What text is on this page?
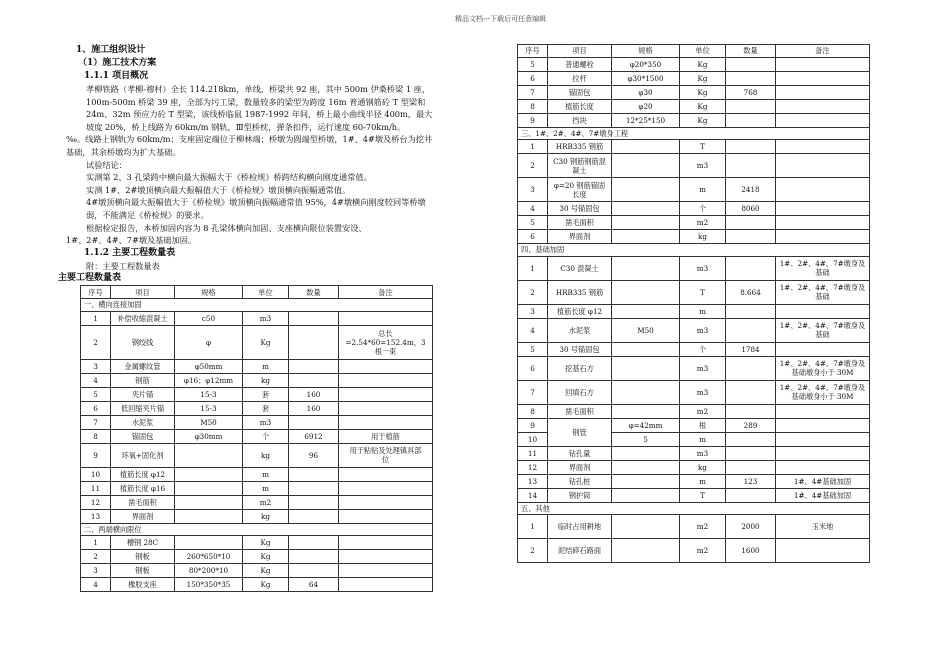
精品文档---下载后可任意编辑
1、施工组织设计
（1）施工技术方案
1.1.1 项目概况

孝柳铁路（孝柳-穆村）全长 114.218km，单线，桥梁共 92 座，其中 500m 伊桑桥梁 1 座，100m-500m 桥梁 39 座，全部为圬工梁，数量较多的梁型为跨度 16m 普通钢筋砼 T 型梁和 24m、32m 预应力砼 T 型梁，该线桥临鼠 1987-1992 年间，桥上最小曲线半径 400m，最大坡度 20%，桥上线路为 60km/m 钢轨，Ⅲ型桥枕，弹条扣件，运行速度 60-70km/h。

‰。线路上钢轨为 60km/m；支座固定端位于柳林端；桥墩为圆端型桥墩，1#、4#墩及桥台为挖井基础，其余桥墩均为扩大基础。

试验结论：

实测第 2、3 孔梁跨中横向最大振幅大于《桥检规》桥跨结构横向刚度通常值。

实测 1#、2#墩顶横向最大振幅值大于《桥检规》墩顶横向振幅通常值。

4#墩顶横向最大振幅值大于《桥检规》墩顶横向振幅通常值 95%，4#墩横向刚度较同等桥墩弱，不能满足《桥检规》的要求。

根据检定报告，本桥加固内容为 8 孔梁体横向加固、支座横向限位装置安设、

1#、2#、4#、7#墩及基础加固。

1.1.2 主要工程数量表
附：主要工程数量表
主要工程数量表
序号	项目	规格	单位	数量	备注
一、横向连接加固					
1	补偿收缩混凝土	c50	m3		
2	钢绞线	φ	Kg		总长
=2.54*60=152.4m，3
根一束
3	金属螺纹管	φ50mm	m		
4	钢筋	φ16；φ12mm	kg		
5	夹片锚	15-3	套	160	
6	低回缩夹片锚	15-3	套	160	
7	水泥浆	M50	m3		
8	锚固包	φ30mm	个	6912	用于植筋
9	环氧+固化剂		kg	96	用于粘贴及处理镇具部
位
10	植筋长度 φ12		m		
11	植筋长度 φ16		m		
12	凿毛面积		m2		
13	界面剂		kg		
二、两端横向限位					
1	槽钢 28C		Kg		
2	钢板	260*650*10	Kg		
3	钢板	80*200*10	Kg		
4	橡胶支座	150*350*35	Kg	64	
序号	项目	规格	单位	数量	备注
5	普通螺栓	φ20*350	Kg		
6	拉杆	φ30*1500	Kg		
7	锚固包	φ30	Kg	768	
8	植筋长度	φ20	Kg		
9	挡块	12*25*150	Kg		
三、1#、2#、4#、7#墩身工程					
1	HRB335 钢筋		T		
2	C30 钢筋钢筋混
凝土		m3		
3	φ=20 钢筋锚固
长度		m	2418	
4	30 号锚固包		个	8060	
5	凿毛面积		m2		
6	界面剂		kg		
四、基础加固					
1	C30 混凝土		m3		1#、2#、4#、7#墩身及
基础
2	HRB335 钢筋		T	8.664	1#、2#、4#、7#墩身及
基础
3	植筋长度 φ12		m		
4	水泥浆	M50	m3		1#、2#、4#、7#墩身及
基础
5	30 号锚固包		个	1784	
6	挖基石方		m3		1#、2#、4#、7#墩身及
基础墩身小于 30M
7	回填石方		m3		1#、2#、4#、7#墩身及
基础墩身小于 30M
8	凿毛面积		m2		
9	钢管	φ=42mm	根	289	
10		5	m		
11	钻孔量		m3		
12	界面剂		kg		
13	钻孔桩		m	123	1#、4#基础加固
14	钢护筒		T		1#、4#基础加固
五、其他					
1	临时占用耕地		m2	2000	玉米地
2	泥结碎石路面		m2	1600	
